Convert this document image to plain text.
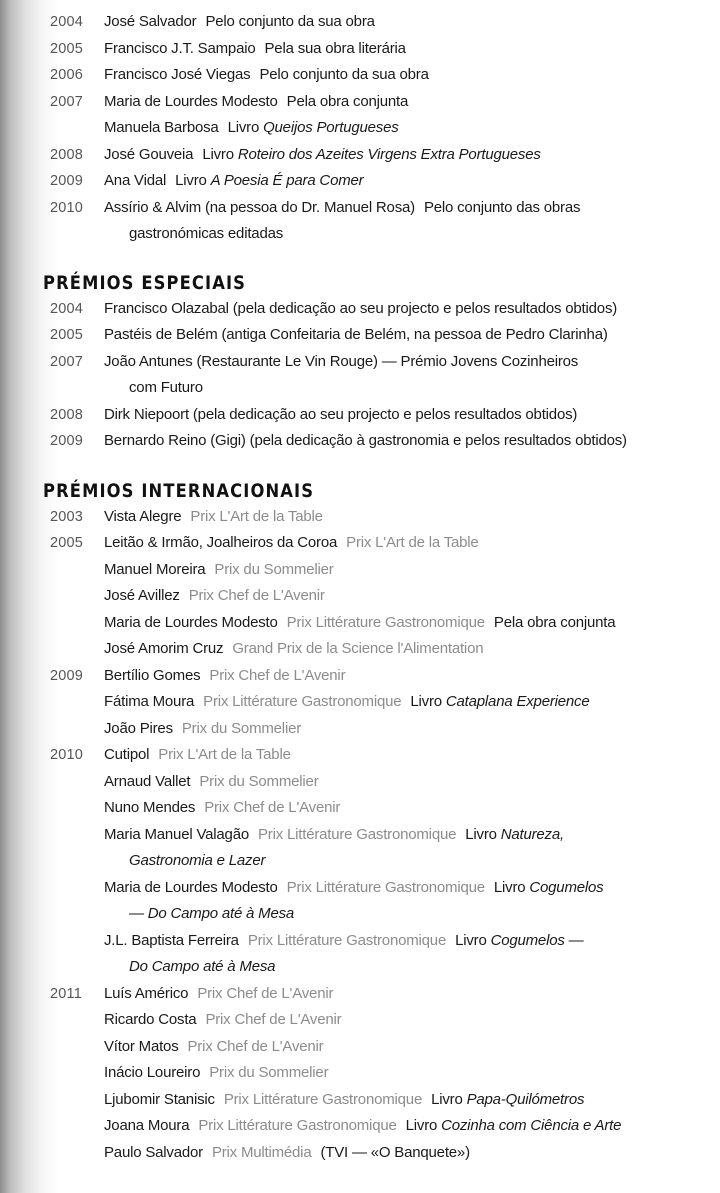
2004	José Salvador Pelo conjunto da sua obra
2005	Francisco J.T. Sampaio Pela sua obra literária
2006	Francisco José Viegas Pelo conjunto da sua obra
2007	Maria de Lourdes Modesto Pela obra conjunta
Manuela Barbosa Livro Queijos Portugueses
2008	José Gouveia Livro Roteiro dos Azeites Virgens Extra Portugueses
2009	Ana Vidal Livro A Poesia É para Comer
2010	Assírio & Alvim (na pessoa do Dr. Manuel Rosa) Pelo conjunto das obras
gastronómicas editadas
PRÉMIOS ESPECIAIS
2004	Francisco Olazabal (pela dedicação ao seu projecto e pelos resultados obtidos)
2005	Pastéis de Belém (antiga Confeitaria de Belém, na pessoa de Pedro Clarinha)
2007	João Antunes (Restaurante Le Vin Rouge) — Prémio Jovens Cozinheiros
com Futuro
2008	Dirk Niepoort (pela dedicação ao seu projecto e pelos resultados obtidos)
2009	Bernardo Reino (Gigi) (pela dedicação à gastronomia e pelos resultados obtidos)
PRÉMIOS INTERNACIONAIS
2003	Vista Alegre Prix L'Art de la Table
2005	Leitão & Irmão, Joalheiros da Coroa Prix L'Art de la Table
Manuel Moreira Prix du Sommelier
José Avillez Prix Chef de L'Avenir
Maria de Lourdes Modesto Prix Littérature Gastronomique Pela obra conjunta
José Amorim Cruz Grand Prix de la Science l'Alimentation
2009	Bertílio Gomes Prix Chef de L'Avenir
Fátima Moura Prix Littérature Gastronomique Livro Cataplana Experience
João Pires Prix du Sommelier
2010	Cutipol Prix L'Art de la Table
Arnaud Vallet Prix du Sommelier
Nuno Mendes Prix Chef de L'Avenir
Maria Manuel Valagão Prix Littérature Gastronomique Livro Natureza,
Gastronomia e Lazer
Maria de Lourdes Modesto Prix Littérature Gastronomique Livro Cogumelos
— Do Campo até à Mesa
J.L. Baptista Ferreira Prix Littérature Gastronomique Livro Cogumelos —
Do Campo até à Mesa
2011	Luís Américo Prix Chef de L'Avenir
Ricardo Costa Prix Chef de L'Avenir
Vítor Matos Prix Chef de L'Avenir
Inácio Loureiro Prix du Sommelier
Ljubomir Stanisic Prix Littérature Gastronomique Livro Papa-Quilómetros
Joana Moura Prix Littérature Gastronomique Livro Cozinha com Ciência e Arte
Paulo Salvador Prix Multimédia (TVI — «O Banquete»)
